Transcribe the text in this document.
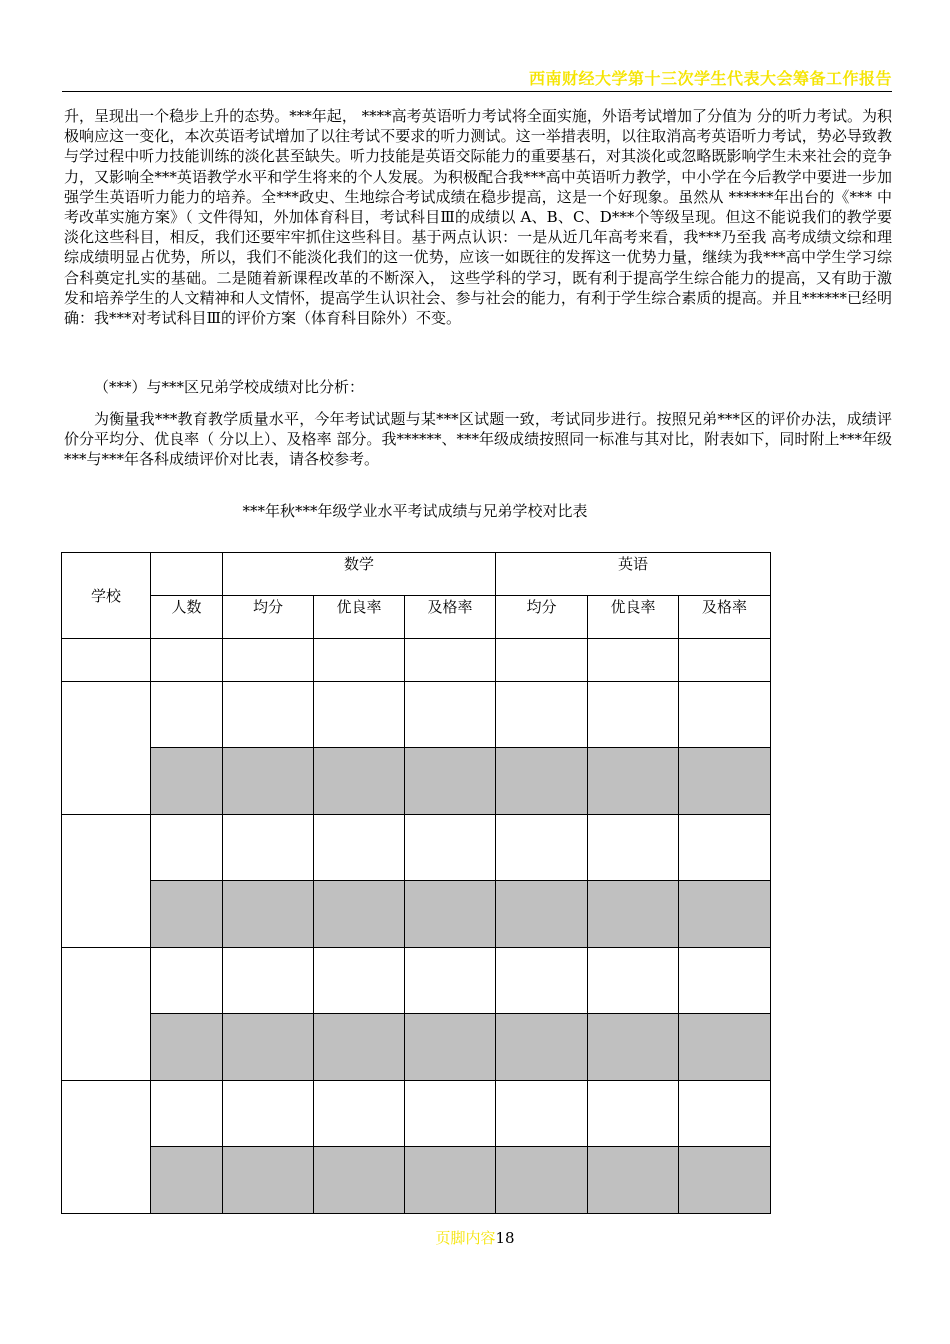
西南财经大学第十三次学生代表大会筹备工作报告
升，呈现出一个稳步上升的态势。***年起， ****高考英语听力考试将全面实施，外语考试增加了分值为 分的听力考试。为积极响应这一变化，本次英语考试增加了以往考试不要求的听力测试。这一举措表明，以往取消高考英语听力考试，势必导致教与学过程中听力技能训练的淡化甚至缺失。听力技能是英语交际能力的重要基石，对其淡化或忽略既影响学生未来社会的竞争力，又影响全***英语教学水平和学生将来的个人发展。为积极配合我***高中英语听力教学，中小学在今后教学中要进一步加强学生英语听力能力的培养。全***政史、生地综合考试成绩在稳步提高，这是一个好现象。虽然从 ******年出台的《*** 中考改革实施方案》（ 文件得知，外加体育科目，考试科目Ⅲ的成绩以 A、B、C、D***个等级呈现。但这不能说我们的教学要淡化这些科目，相反，我们还要牢牢抓住这些科目。基于两点认识：一是从近几年高考来看，我***乃至我 高考成绩文综和理综成绩明显占优势，所以，我们不能淡化我们的这一优势，应该一如既往的发挥这一优势力量，继续为我***高中学生学习综合科奠定扎实的基础。二是随着新课程改革的不断深入， 这些学科的学习，既有利于提高学生综合能力的提高，又有助于激发和培养学生的人文精神和人文情怀，提高学生认识社会、参与社会的能力，有利于学生综合素质的提高。并且******已经明确：我***对考试科目Ⅲ的评价方案（体育科目除外）不变。
（***）与***区兄弟学校成绩对比分析：
为衡量我***教育教学质量水平，今年考试试题与某***区试题一致，考试同步进行。按照兄弟***区的评价办法，成绩评价分平均分、优良率（ 分以上）、及格率 部分。我******、***年级成绩按照同一标准与其对比，附表如下，同时附上***年级***与***年各科成绩评价对比表，请各校参考。
***年秋***年级学业水平考试成绩与兄弟学校对比表
学校		数学			英语		
	人数	均分	优良率	及格率	均分	优良率	及格率

页脚内容18
